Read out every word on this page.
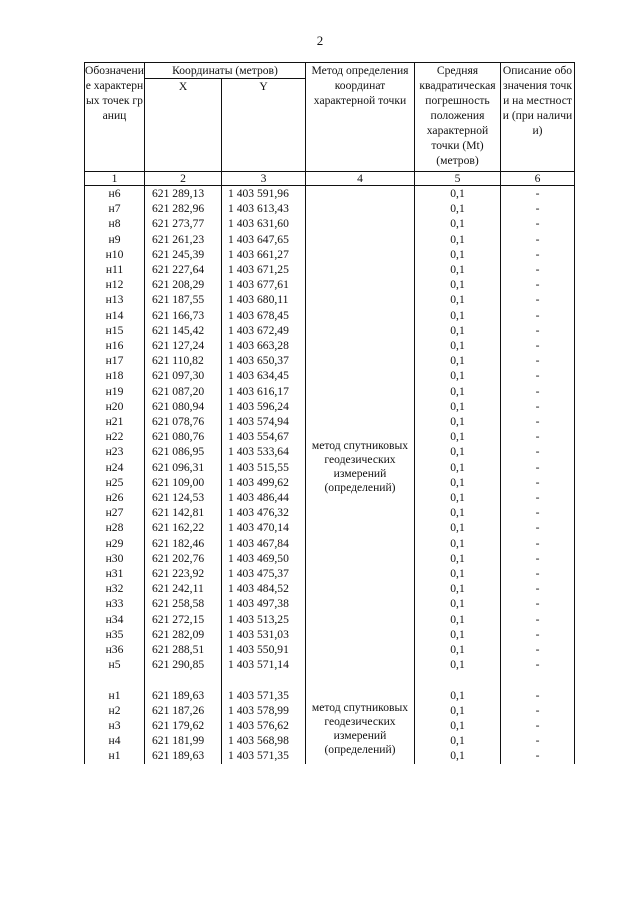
2
Обозначение характерных точек границ	Координаты (метров)		Метод определения координат характерной точки	Средняя квадратическая погрешность положения характерной точки (Mt) (метров)	Описание обозначения точки на местности (при наличии)
	X	Y			
1	2	3	4	5	6
н6	621 289,13	1 403 591,96	метод спутниковых геодезических измерений (определений)	0,1	-
н7	621 282,96	1 403 613,43		0,1	-
н8	621 273,77	1 403 631,60		0,1	-
н9	621 261,23	1 403 647,65		0,1	-
н10	621 245,39	1 403 661,27		0,1	-
н11	621 227,64	1 403 671,25		0,1	-
н12	621 208,29	1 403 677,61		0,1	-
н13	621 187,55	1 403 680,11		0,1	-
н14	621 166,73	1 403 678,45		0,1	-
н15	621 145,42	1 403 672,49		0,1	-
н16	621 127,24	1 403 663,28		0,1	-
н17	621 110,82	1 403 650,37		0,1	-
н18	621 097,30	1 403 634,45		0,1	-
н19	621 087,20	1 403 616,17		0,1	-
н20	621 080,94	1 403 596,24		0,1	-
н21	621 078,76	1 403 574,94		0,1	-
н22	621 080,76	1 403 554,67		0,1	-
н23	621 086,95	1 403 533,64		0,1	-
н24	621 096,31	1 403 515,55		0,1	-
н25	621 109,00	1 403 499,62		0,1	-
н26	621 124,53	1 403 486,44		0,1	-
н27	621 142,81	1 403 476,32		0,1	-
н28	621 162,22	1 403 470,14		0,1	-
н29	621 182,46	1 403 467,84		0,1	-
н30	621 202,76	1 403 469,50		0,1	-
н31	621 223,92	1 403 475,37		0,1	-
н32	621 242,11	1 403 484,52		0,1	-
н33	621 258,58	1 403 497,38		0,1	-
н34	621 272,15	1 403 513,25		0,1	-
н35	621 282,09	1 403 531,03		0,1	-
н36	621 288,51	1 403 550,91		0,1	-
н5	621 290,85	1 403 571,14		0,1	-

н1	621 189,63	1 403 571,35	метод спутниковых геодезических измерений (определений)	0,1	-
н2	621 187,26	1 403 578,99		0,1	-
н3	621 179,62	1 403 576,62		0,1	-
н4	621 181,99	1 403 568,98		0,1	-
н1	621 189,63	1 403 571,35		0,1	-
